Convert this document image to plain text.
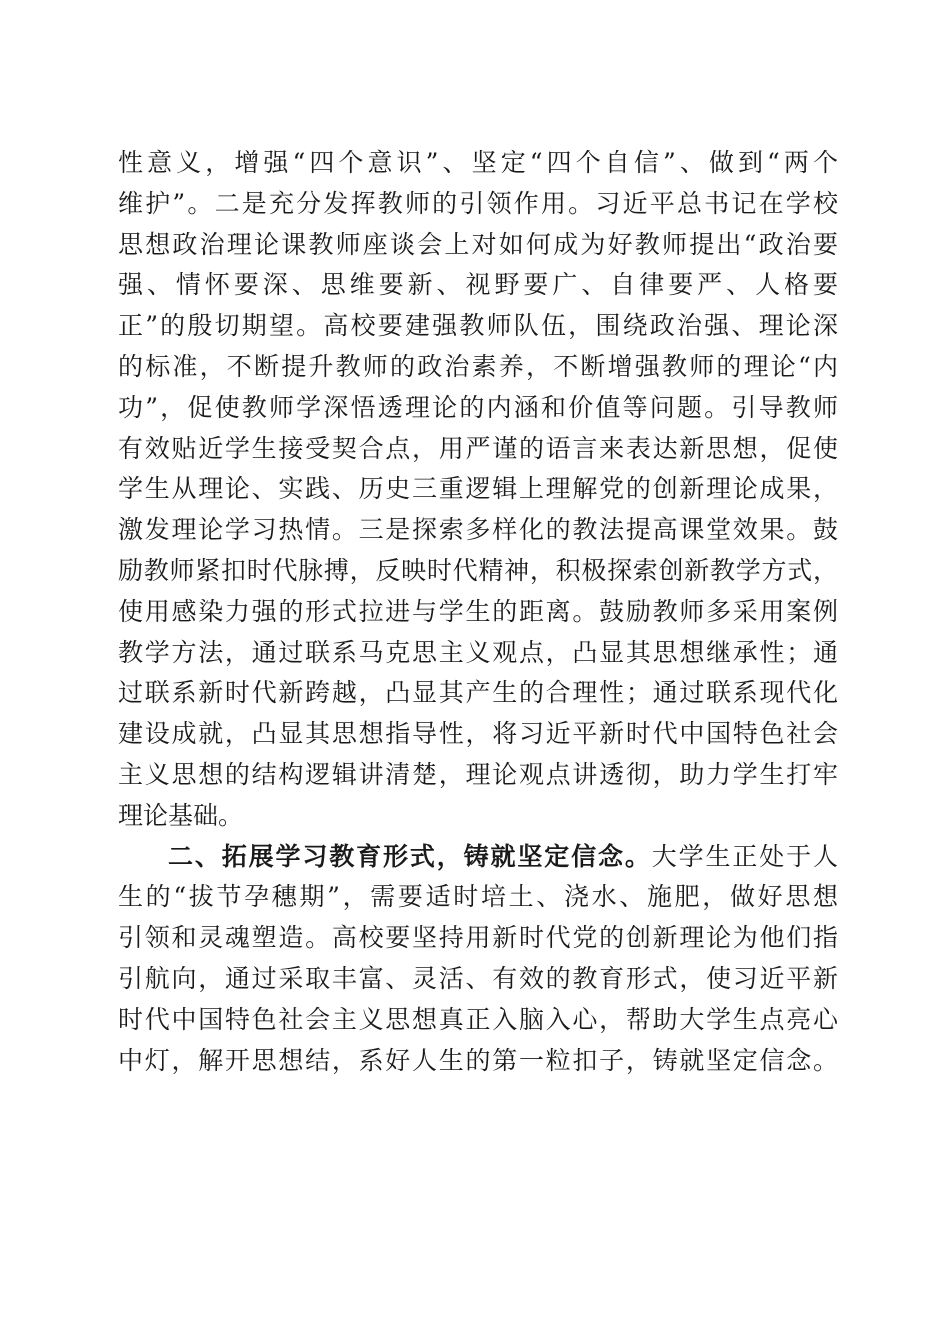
性意义，增强“四个意识”、坚定“四个自信”、做到“两个
维护”。二是充分发挥教师的引领作用。习近平总书记在学校
思想政治理论课教师座谈会上对如何成为好教师提出“政治要
强、情怀要深、思维要新、视野要广、自律要严、人格要
正”的殷切期望。高校要建强教师队伍，围绕政治强、理论深
的标准，不断提升教师的政治素养，不断增强教师的理论“内
功”，促使教师学深悟透理论的内涵和价值等问题。引导教师
有效贴近学生接受契合点，用严谨的语言来表达新思想，促使
学生从理论、实践、历史三重逻辑上理解党的创新理论成果，
激发理论学习热情。三是探索多样化的教法提高课堂效果。鼓
励教师紧扣时代脉搏，反映时代精神，积极探索创新教学方式，
使用感染力强的形式拉进与学生的距离。鼓励教师多采用案例
教学方法，通过联系马克思主义观点，凸显其思想继承性；通
过联系新时代新跨越，凸显其产生的合理性；通过联系现代化
建设成就，凸显其思想指导性，将习近平新时代中国特色社会
主义思想的结构逻辑讲清楚，理论观点讲透彻，助力学生打牢
理论基础。
二、拓展学习教育形式，铸就坚定信念。大学生正处于人
生的“拔节孕穗期”，需要适时培土、浇水、施肥，做好思想
引领和灵魂塑造。高校要坚持用新时代党的创新理论为他们指
引航向，通过采取丰富、灵活、有效的教育形式，使习近平新
时代中国特色社会主义思想真正入脑入心，帮助大学生点亮心
中灯，解开思想结，系好人生的第一粒扣子，铸就坚定信念。
